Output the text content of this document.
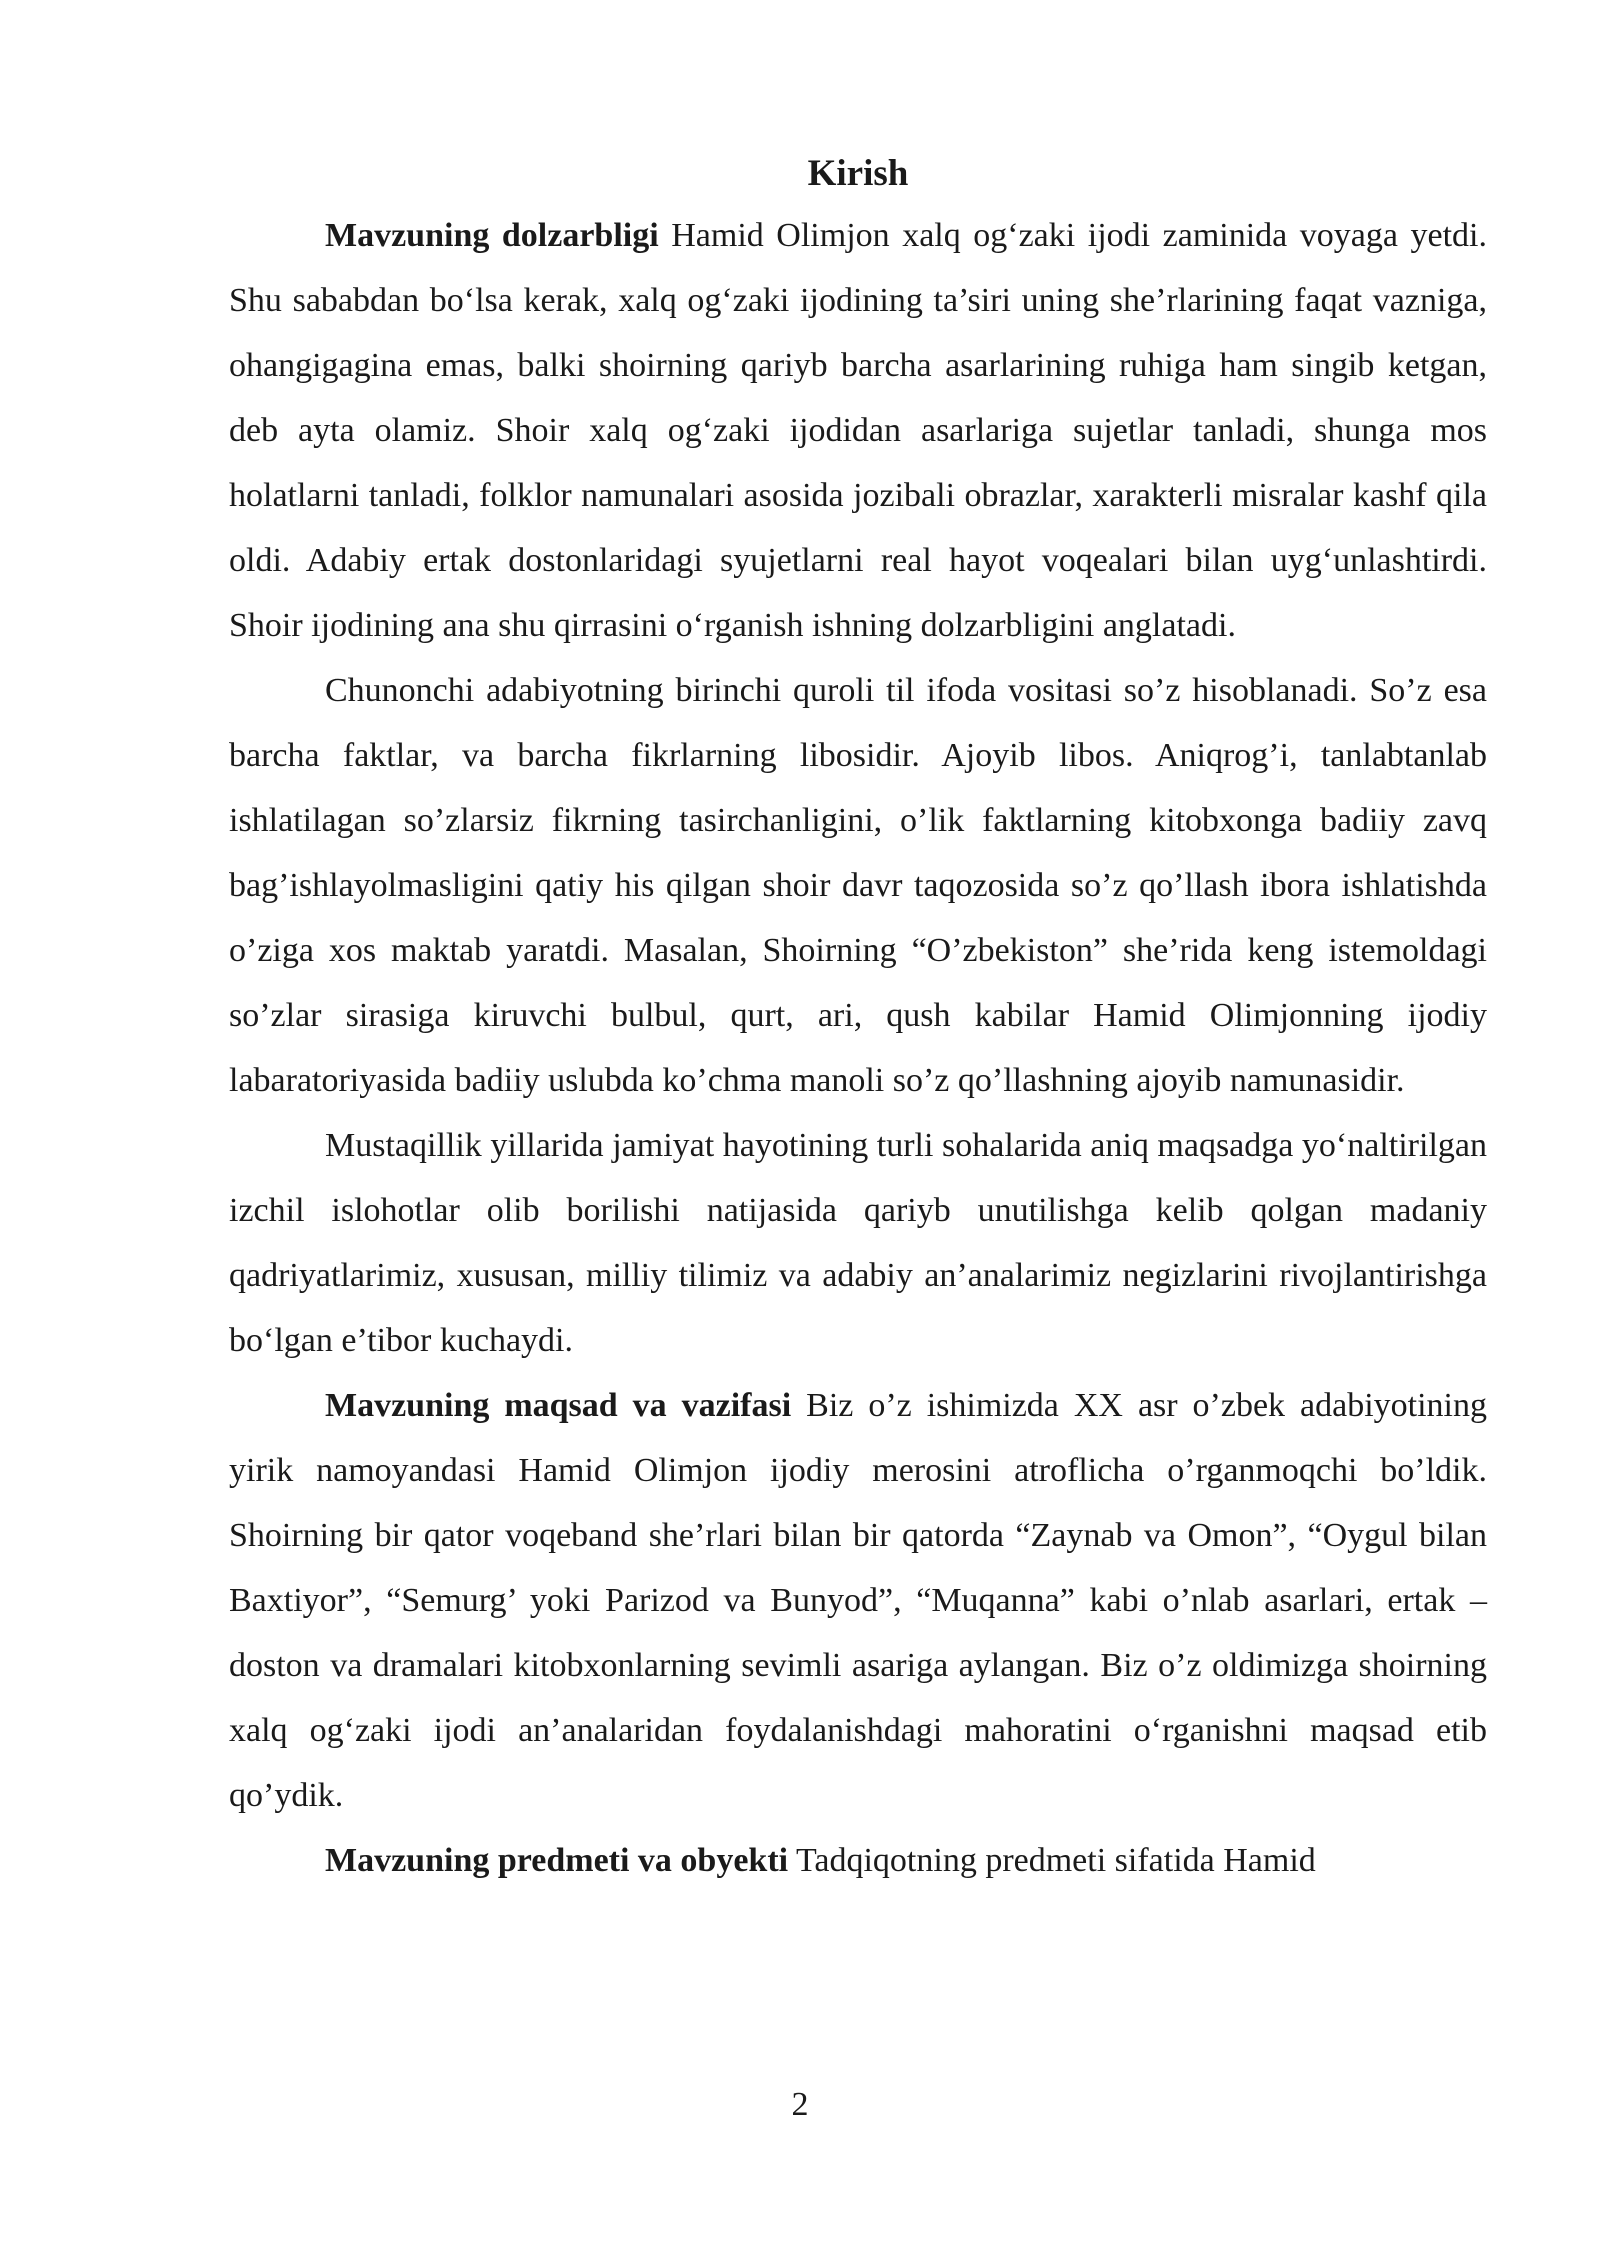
Kirish

Mavzuning dolzarbligi Hamid Olimjon xalq og‘zaki ijodi zaminida voyaga yetdi. Shu sababdan bo‘lsa kerak, xalq og‘zaki ijodining ta’siri uning she’rlarining faqat vazniga, ohangigagina emas, balki shoirning qariyb barcha asarlarining ruhiga ham singib ketgan, deb ayta olamiz. Shoir xalq og‘zaki ijodidan asarlariga sujetlar tanladi, shunga mos holatlarni tanladi, folklor namunalari asosida jozibali obrazlar, xarakterli misralar kashf qila oldi. Adabiy ertak dostonlaridagi syujetlarni real hayot voqealari bilan uyg‘unlashtirdi. Shoir ijodining ana shu qirrasini o‘rganish ishning dolzarbligini anglatadi.

Chunonchi adabiyotning birinchi quroli til ifoda vositasi so’z hisoblanadi. So’z esa barcha faktlar, va barcha fikrlarning libosidir. Ajoyib libos. Aniqrog’i, tanlabtanlab ishlatilagan so’zlarsiz fikrning tasirchanligini, o’lik faktlarning kitobxonga badiiy zavq bag’ishlayolmasligini qatiy his qilgan shoir davr taqozosida so’z qo’llash ibora ishlatishda o’ziga xos maktab yaratdi. Masalan, Shoirning “O’zbekiston” she’rida keng istemoldagi so’zlar sirasiga kiruvchi bulbul, qurt, ari, qush kabilar Hamid Olimjonning ijodiy labaratoriyasida badiiy uslubda ko’chma manoli so’z qo’llashning ajoyib namunasidir.

Mustaqillik yillarida jamiyat hayotining turli sohalarida aniq maqsadga yo‘naltirilgan izchil islohotlar olib borilishi natijasida qariyb unutilishga kelib qolgan madaniy qadriyatlarimiz, xususan, milliy tilimiz va adabiy an’analarimiz negizlarini rivojlantirishga bo‘lgan e’tibor kuchaydi.

Mavzuning maqsad va vazifasi Biz o’z ishimizda XX asr o’zbek adabiyotining yirik namoyandasi Hamid Olimjon ijodiy merosini atroflicha o’rganmoqchi bo’ldik. Shoirning bir qator voqeband she’rlari bilan bir qatorda “Zaynab va Omon”, “Oygul bilan Baxtiyor”, “Semurg’ yoki Parizod va Bunyod”, “Muqanna” kabi o’nlab asarlari, ertak – doston va dramalari kitobxonlarning sevimli asariga aylangan. Biz o’z oldimizga shoirning xalq og‘zaki ijodi an’analaridan foydalanishdagi mahoratini o‘rganishni maqsad etib qo’ydik.

Mavzuning predmeti va obyekti Tadqiqotning predmeti sifatida Hamid

2
